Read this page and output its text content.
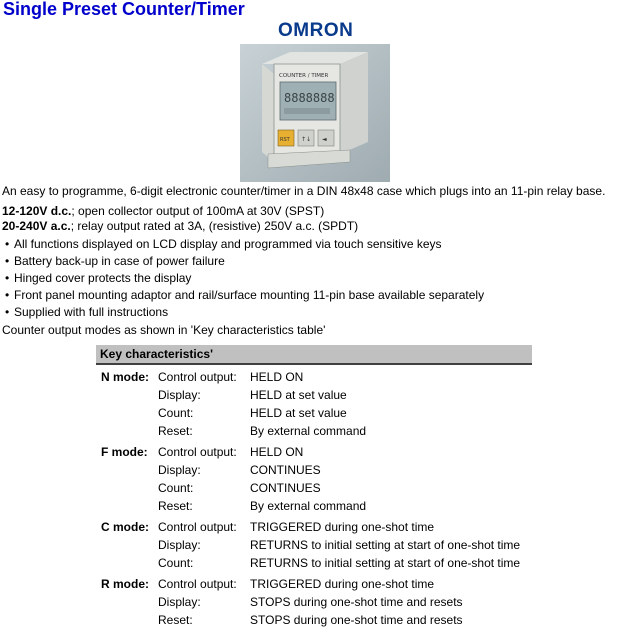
Single Preset Counter/Timer
OMRON
COUNTER / TIMER
8888888
RST ↑↓ ◄
An easy to programme, 6-digit electronic counter/timer in a DIN 48x48 case which plugs into an 11-pin relay base.
12-120V d.c.; open collector output of 100mA at 30V (SPST)
20-240V a.c.; relay output rated at 3A, (resistive) 250V a.c. (SPDT)
• All functions displayed on LCD display and programmed via touch sensitive keys
• Battery back-up in case of power failure
• Hinged cover protects the display
• Front panel mounting adaptor and rail/surface mounting 11-pin base available separately
• Supplied with full instructions
Counter output modes as shown in 'Key characteristics table'
Key characteristics'
N mode: Control output: HELD ON
Display:	HELD at set value
Count:	HELD at set value
Reset:	By external command
F mode: Control output: HELD ON
Display:	CONTINUES
Count:	CONTINUES
Reset:	By external command
C mode: Control output: TRIGGERED during one-shot time
Display:	RETURNS to initial setting at start of one-shot time
Count:	RETURNS to initial setting at start of one-shot time
R mode: Control output: TRIGGERED during one-shot time
Display:	STOPS during one-shot time and resets
Reset:	STOPS during one-shot time and resets
